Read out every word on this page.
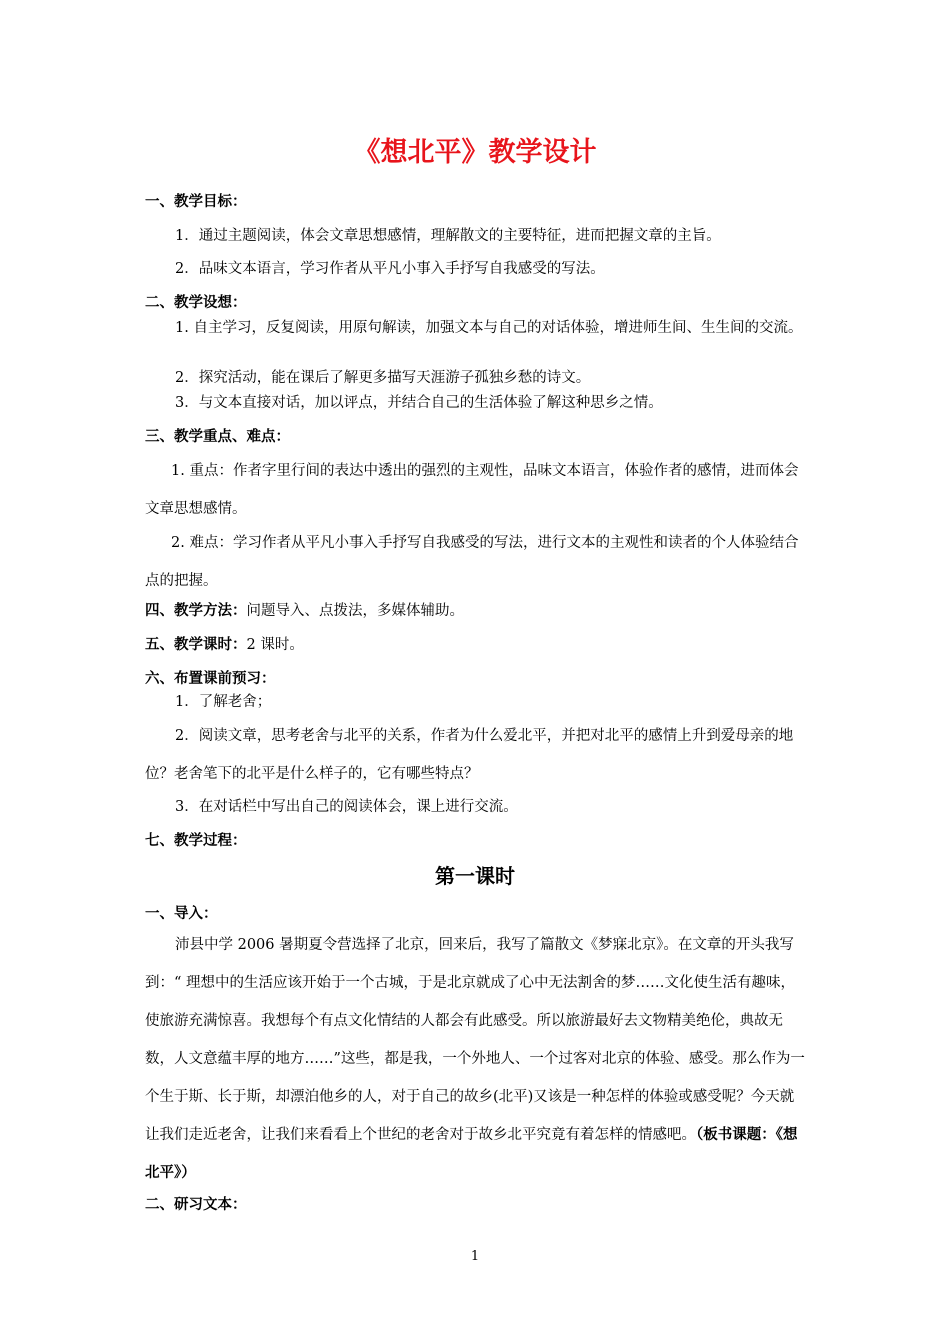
《想北平》教学设计
一、教学目标：
1．通过主题阅读，体会文章思想感情，理解散文的主要特征，进而把握文章的主旨。
2．品味文本语言，学习作者从平凡小事入手抒写自我感受的写法。
二、教学设想：
1. 自主学习，反复阅读，用原句解读，加强文本与自己的对话体验，增进师生间、生生间的交流。
2．探究活动，能在课后了解更多描写天涯游子孤独乡愁的诗文。
3．与文本直接对话，加以评点，并结合自己的生活体验了解这种思乡之情。
三、教学重点、难点：
1. 重点：作者字里行间的表达中透出的强烈的主观性，品味文本语言，体验作者的感情，进而体会文章思想感情。
2. 难点：学习作者从平凡小事入手抒写自我感受的写法，进行文本的主观性和读者的个人体验结合点的把握。
四、教学方法：问题导入、点拨法，多媒体辅助。
五、教学课时：2 课时。
六、布置课前预习：
1．了解老舍；
2．阅读文章，思考老舍与北平的关系，作者为什么爱北平，并把对北平的感情上升到爱母亲的地位？老舍笔下的北平是什么样子的，它有哪些特点？
3．在对话栏中写出自己的阅读体会，课上进行交流。
七、教学过程：
第一课时
一、导入：
沛县中学 2006 暑期夏令营选择了北京，回来后，我写了篇散文《梦寐北京》。在文章的开头我写到：“ 理想中的生活应该开始于一个古城，于是北京就成了心中无法割舍的梦……文化使生活有趣味，使旅游充满惊喜。我想每个有点文化情结的人都会有此感受。所以旅游最好去文物精美绝伦，典故无数，人文意蕴丰厚的地方……”这些，都是我，一个外地人、一个过客对北京的体验、感受。那么作为一个生于斯、长于斯，却漂泊他乡的人，对于自己的故乡(北平)又该是一种怎样的体验或感受呢？今天就让我们走近老舍，让我们来看看上个世纪的老舍对于故乡北平究竟有着怎样的情感吧。（板书课题：《想北平》）
二、研习文本：
1
